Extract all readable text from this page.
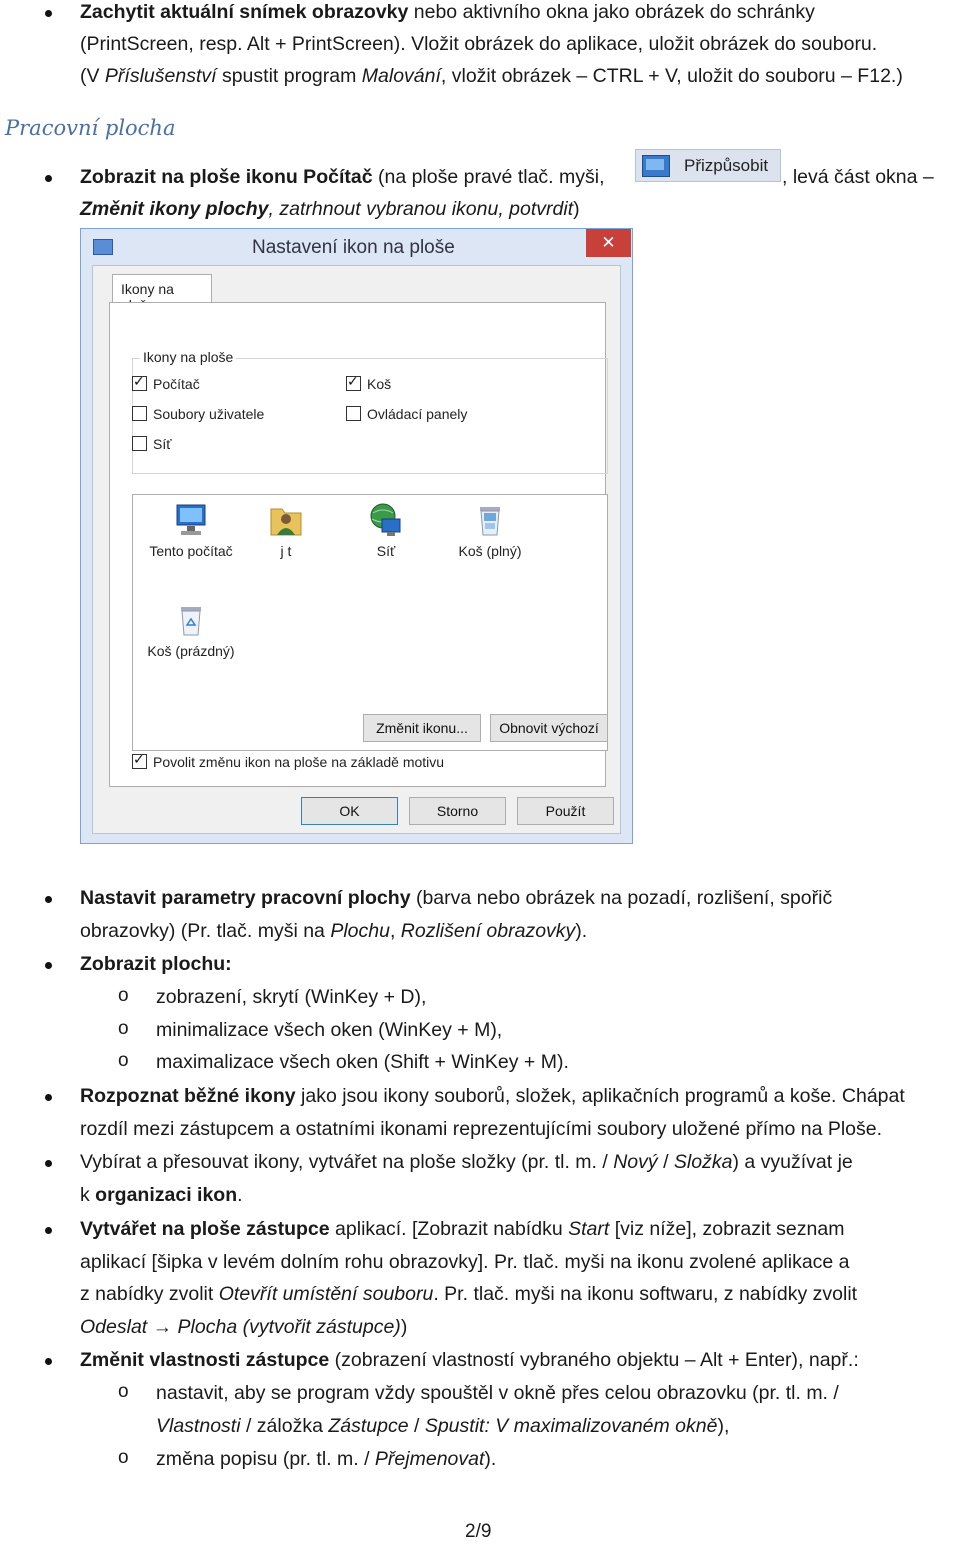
Zachytit aktuální snímek obrazovky nebo aktivního okna jako obrázek do schránky
(PrintScreen, resp. Alt + PrintScreen). Vložit obrázek do aplikace, uložit obrázek do souboru.
(V Příslušenství spustit program Malování, vložit obrázek – CTRL + V, uložit do souboru – F12.)
Pracovní plocha
Zobrazit na ploše ikonu Počítač (na ploše pravé tlač. myši,
Přizpůsobit
, levá část okna –
Změnit ikony plochy, zatrhnout vybranou ikonu, potvrdit)
Nastavení ikon na ploše	✕
Ikony na
Ikony na ploše
✓Počítač
✓	Koš
Soubory uživatele	Ovládací panely
Síť
Tento počítač	j t	Síť	Koš (plný)
Koš (prázdný)
Změnit ikonu...	Obnovit výchozí
✓Povolit změnu ikon na ploše na základě motivu
OK	Storno	Použít
Nastavit parametry pracovní plochy (barva nebo obrázek na pozadí, rozlišení, spořič
obrazovky) (Pr. tlač. myši na Plochu, Rozlišení obrazovky).
Zobrazit plochu:
o zobrazení, skrytí (WinKey + D),
o minimalizace všech oken (WinKey + M),
o maximalizace všech oken (Shift + WinKey + M).
Rozpoznat běžné ikony jako jsou ikony souborů, složek, aplikačních programů a koše. Chápat
rozdíl mezi zástupcem a ostatními ikonami reprezentujícími soubory uložené přímo na Ploše.
Vybírat a přesouvat ikony, vytvářet na ploše složky (pr. tl. m. / Nový / Složka) a využívat je
k organizaci ikon.
Vytvářet na ploše zástupce aplikací. [Zobrazit nabídku Start [viz níže], zobrazit seznam
aplikací [šipka v levém dolním rohu obrazovky]. Pr. tlač. myši na ikonu zvolené aplikace a
z nabídky zvolit Otevřít umístění souboru. Pr. tlač. myši na ikonu softwaru, z nabídky zvolit
Odeslat → Plocha (vytvořit zástupce))
Změnit vlastnosti zástupce (zobrazení vlastností vybraného objektu – Alt + Enter), např.:
o nastavit, aby se program vždy spouštěl v okně přes celou obrazovku (pr. tl. m. /
Vlastnosti / záložka Zástupce / Spustit: V maximalizovaném okně),
o změna popisu (pr. tl. m. / Přejmenovat).
2/9
